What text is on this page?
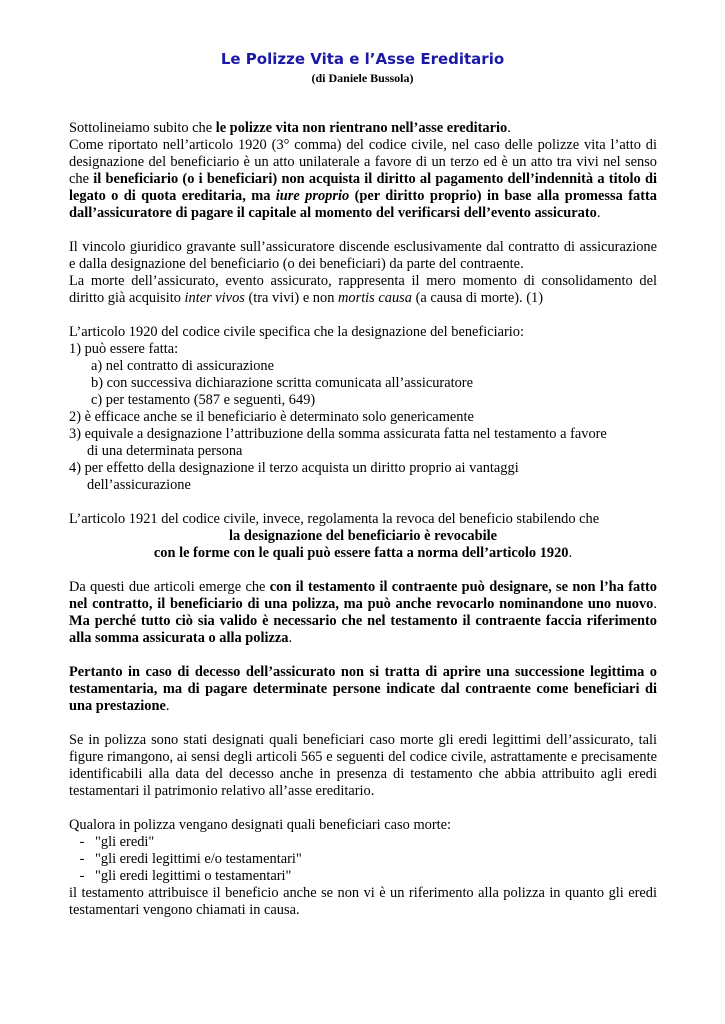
Le Polizze Vita e l’Asse Ereditario
(di Daniele Bussola)

Sottolineiamo subito che le polizze vita non rientrano nell’asse ereditario.

Come riportato nell’articolo 1920 (3° comma) del codice civile, nel caso delle polizze vita l’atto di designazione del beneficiario è un atto unilaterale a favore di un terzo ed è un atto tra vivi nel senso che il beneficiario (o i beneficiari) non acquista il diritto al pagamento dell’indennità a titolo di legato o di quota ereditaria, ma iure proprio (per diritto proprio) in base alla promessa fatta dall’assicuratore di pagare il capitale al momento del verificarsi dell’evento assicurato.

Il vincolo giuridico gravante sull’assicuratore discende esclusivamente dal contratto di assicurazione e dalla designazione del beneficiario (o dei beneficiari) da parte del contraente.

La morte dell’assicurato, evento assicurato, rappresenta il mero momento di consolidamento del diritto già acquisito inter vivos (tra vivi) e non mortis causa (a causa di morte). (1)

L’articolo 1920 del codice civile specifica che la designazione del beneficiario:

1) può essere fatta:

a) nel contratto di assicurazione

b) con successiva dichiarazione scritta comunicata all’assicuratore

c) per testamento (587 e seguenti, 649)

2) è efficace anche se il beneficiario è determinato solo genericamente

3) equivale a designazione l’attribuzione della somma assicurata fatta nel testamento a favore

di una determinata persona

4) per effetto della designazione il terzo acquista un diritto proprio ai vantaggi

dell’assicurazione

L’articolo 1921 del codice civile, invece, regolamenta la revoca del beneficio stabilendo che

la designazione del beneficiario è revocabile

con le forme con le quali può essere fatta a norma dell’articolo 1920.

Da questi due articoli emerge che con il testamento il contraente può designare, se non l’ha fatto nel contratto, il beneficiario di una polizza, ma può anche revocarlo nominandone uno nuovo. Ma perché tutto ciò sia valido è necessario che nel testamento il contraente faccia riferimento alla somma assicurata o alla polizza.

Pertanto in caso di decesso dell’assicurato non si tratta di aprire una successione legittima o testamentaria, ma di pagare determinate persone indicate dal contraente come beneficiari di una prestazione.

Se in polizza sono stati designati quali beneficiari caso morte gli eredi legittimi dell’assicurato, tali figure rimangono, ai sensi degli articoli 565 e seguenti del codice civile, astrattamente e precisamente identificabili alla data del decesso anche in presenza di testamento che abbia attribuito agli eredi testamentari il patrimonio relativo all’asse ereditario.

Qualora in polizza vengano designati quali beneficiari caso morte:

- "gli eredi"
- "gli eredi legittimi e/o testamentari"
- "gli eredi legittimi o testamentari"

il testamento attribuisce il beneficio anche se non vi è un riferimento alla polizza in quanto gli eredi testamentari vengono chiamati in causa.
